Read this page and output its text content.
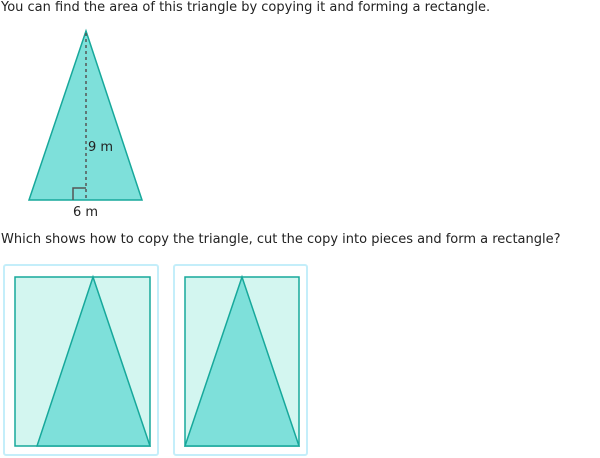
You can find the area of this triangle by copying it and forming a rectangle.
9 m
6 m
Which shows how to copy the triangle, cut the copy into pieces and form a rectangle?
